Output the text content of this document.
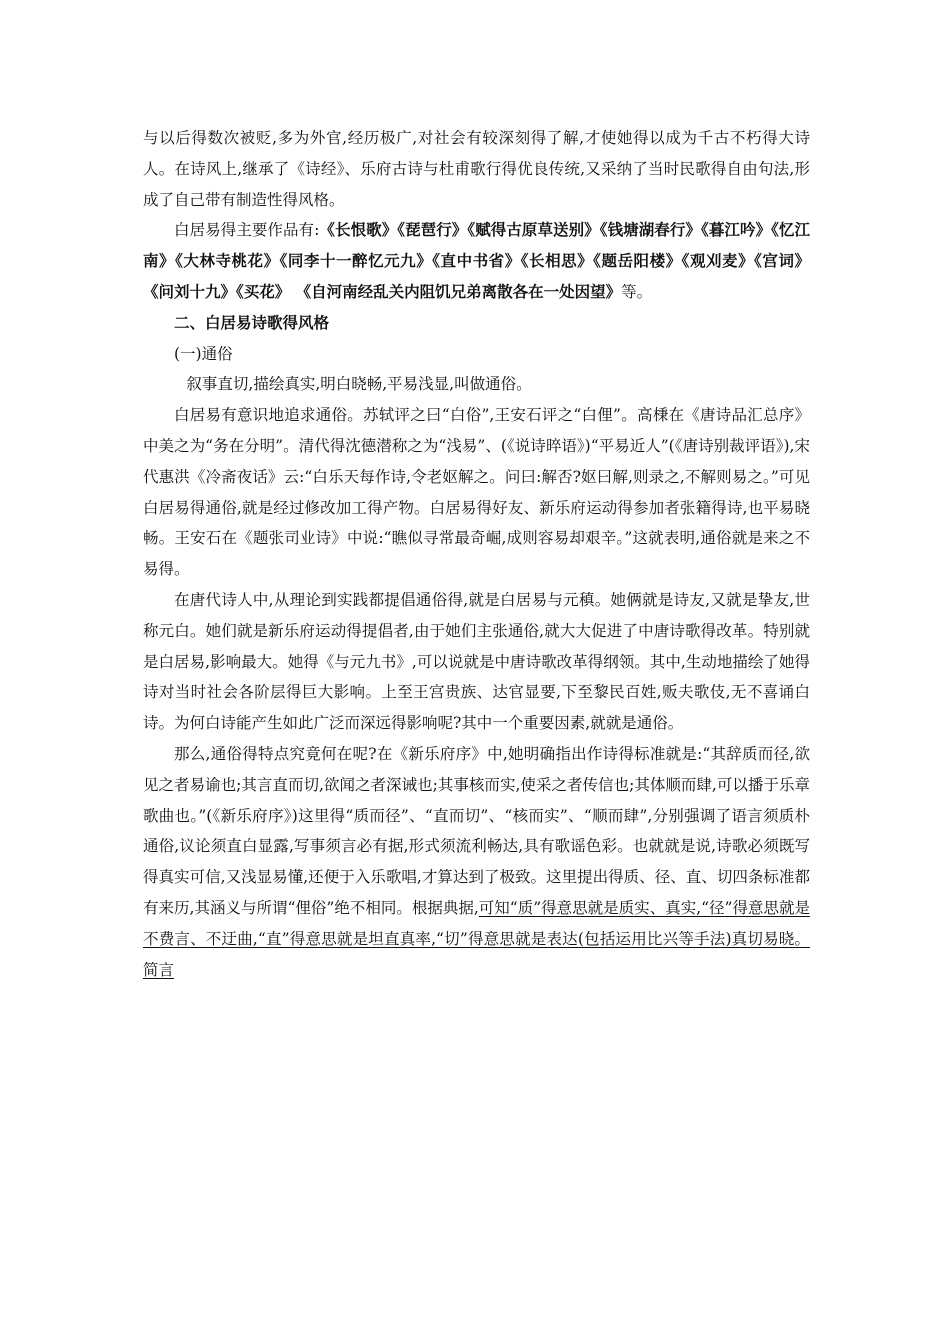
与以后得数次被贬,多为外官,经历极广,对社会有较深刻得了解,才使她得以成为千古不朽得大诗人。在诗风上,继承了《诗经》、乐府古诗与杜甫歌行得优良传统,又采纳了当时民歌得自由句法,形成了自己带有制造性得风格。

白居易得主要作品有:《长恨歌》《琵琶行》《赋得古原草送别》《钱塘湖春行》《暮江吟》《忆江南》《大林寺桃花》《同李十一醉忆元九》《直中书省》《长相思》《题岳阳楼》《观刈麦》《宫词》 《问刘十九》《买花》 《自河南经乱关内阻饥兄弟离散各在一处因望》等。

二、白居易诗歌得风格

(一)通俗

叙事直切,描绘真实,明白晓畅,平易浅显,叫做通俗。

白居易有意识地追求通俗。苏轼评之曰“白俗”,王安石评之“白俚”。高棅在《唐诗品汇总序》中美之为“务在分明”。清代得沈德潜称之为“浅易”、(《说诗晬语》)“平易近人”(《唐诗别裁评语》),宋代惠洪《冷斋夜话》云:“白乐天每作诗,令老妪解之。问曰:解否?妪曰解,则录之,不解则易之。”可见白居易得通俗,就是经过修改加工得产物。白居易得好友、新乐府运动得参加者张籍得诗,也平易晓畅。王安石在《题张司业诗》中说:“瞧似寻常最奇崛,成则容易却艰辛。”这就表明,通俗就是来之不易得。

在唐代诗人中,从理论到实践都提倡通俗得,就是白居易与元稹。她俩就是诗友,又就是挚友,世称元白。她们就是新乐府运动得提倡者,由于她们主张通俗,就大大促进了中唐诗歌得改革。特别就是白居易,影响最大。她得《与元九书》,可以说就是中唐诗歌改革得纲领。其中,生动地描绘了她得诗对当时社会各阶层得巨大影响。上至王宫贵族、达官显要,下至黎民百姓,贩夫歌伎,无不喜诵白诗。为何白诗能产生如此广泛而深远得影响呢?其中一个重要因素,就就是通俗。

那么,通俗得特点究竟何在呢?在《新乐府序》中,她明确指出作诗得标准就是:“其辞质而径,欲见之者易谕也;其言直而切,欲闻之者深诫也;其事核而实,使采之者传信也;其体顺而肆,可以播于乐章歌曲也。”(《新乐府序》)这里得“质而径”、“直而切”、“核而实”、“顺而肆”,分别强调了语言须质朴通俗,议论须直白显露,写事须言必有据,形式须流利畅达,具有歌谣色彩。也就就是说,诗歌必须既写得真实可信,又浅显易懂,还便于入乐歌唱,才算达到了极致。这里提出得质、径、直、切四条标准都有来历,其涵义与所谓“俚俗”绝不相同。根据典据,可知“质”得意思就是质实、真实,“径”得意思就是不费言、不迂曲,“直”得意思就是坦直真率,“切”得意思就是表达(包括运用比兴等手法)真切易晓。简言
